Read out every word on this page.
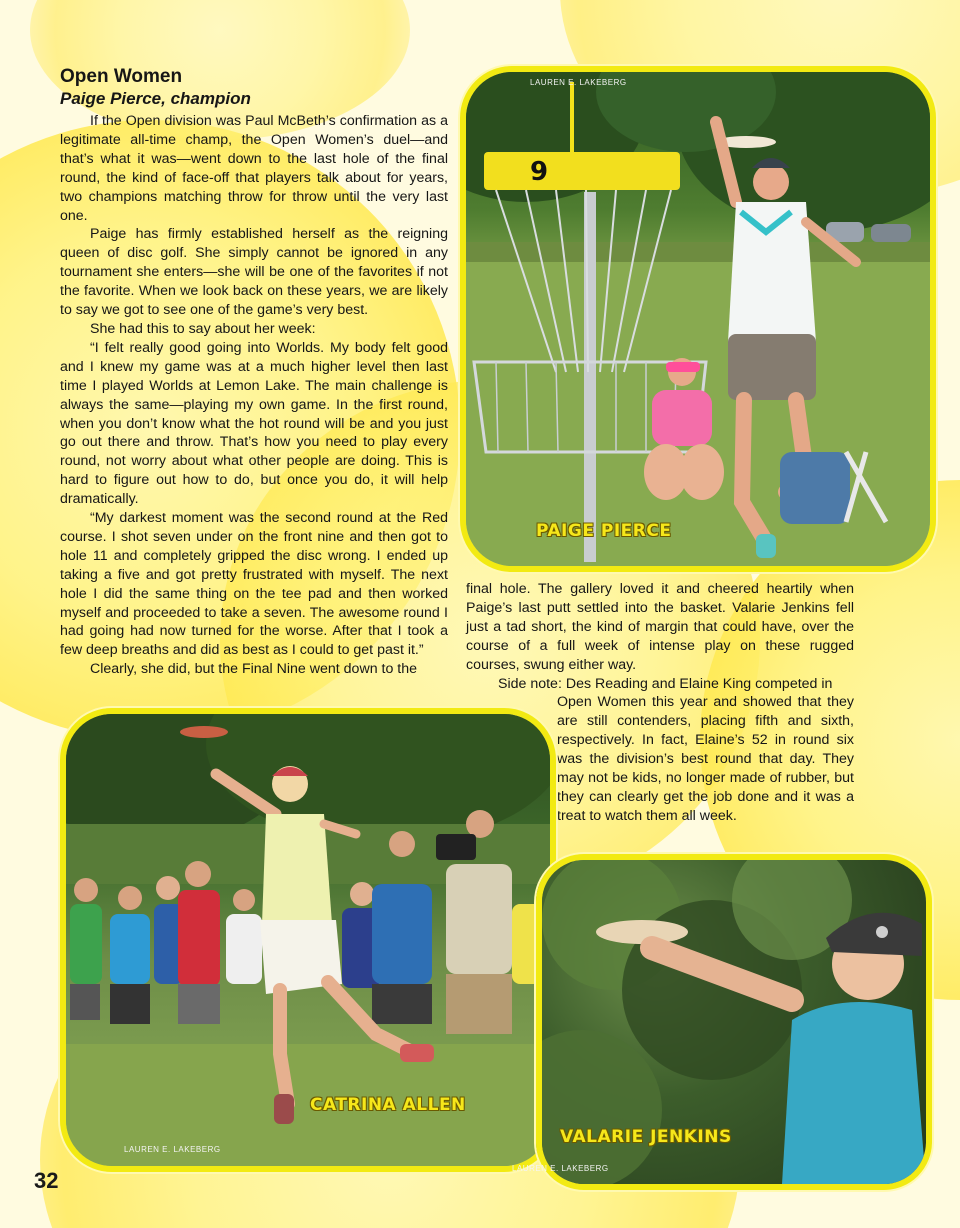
Open Women
Paige Pierce, champion

If the Open division was Paul McBeth’s confirmation as a legitimate all-time champ, the Open Women’s duel—and that’s what it was—went down to the last hole of the final round, the kind of face-off that players talk about for years, two champions matching throw for throw until the very last one.

Paige has firmly established herself as the reigning queen of disc golf. She simply cannot be ignored in any tournament she enters—she will be one of the favorites if not the favorite. When we look back on these years, we are likely to say we got to see one of the game’s very best.

She had this to say about her week:

“I felt really good going into Worlds. My body felt good and I knew my game was at a much higher level then last time I played Worlds at Lemon Lake. The main challenge is always the same—playing my own game. In the first round, when you don’t know what the hot round will be and you just go out there and throw. That’s how you need to play every round, not worry about what other people are doing. This is hard to figure out how to do, but once you do, it will help dramatically.

“My darkest moment was the second round at the Red course. I shot seven under on the front nine and then got to hole 11 and completely gripped the disc wrong. I ended up taking a five and got pretty frustrated with myself. The next hole I did the same thing on the tee pad and then worked myself and proceeded to take a seven. The awesome round I had going had now turned for the worse. After that I took a few deep breaths and did as best as I could to get past it.”

Clearly, she did, but the Final Nine went down to the

final hole. The gallery loved it and cheered heartily when Paige’s last putt settled into the basket. Valarie Jenkins fell just a tad short, the kind of margin that could have, over the course of a full week of intense play on these rugged courses, swung either way.

Side note: Des Reading and Elaine King competed in
Open Women this year and showed that they are still contenders, placing fifth and sixth, respectively. In fact, Elaine’s 52 in round six was the division’s best round that day. They may not be kids, no longer made of rubber, but they can clearly get the job done and it was a treat to watch them all week.
9
LAUREN E. LAKEBERG
PAIGE PIERCE
CATRINA ALLEN
LAUREN E. LAKEBERG
VALARIE JENKINS
LAUREN E. LAKEBERG
32
